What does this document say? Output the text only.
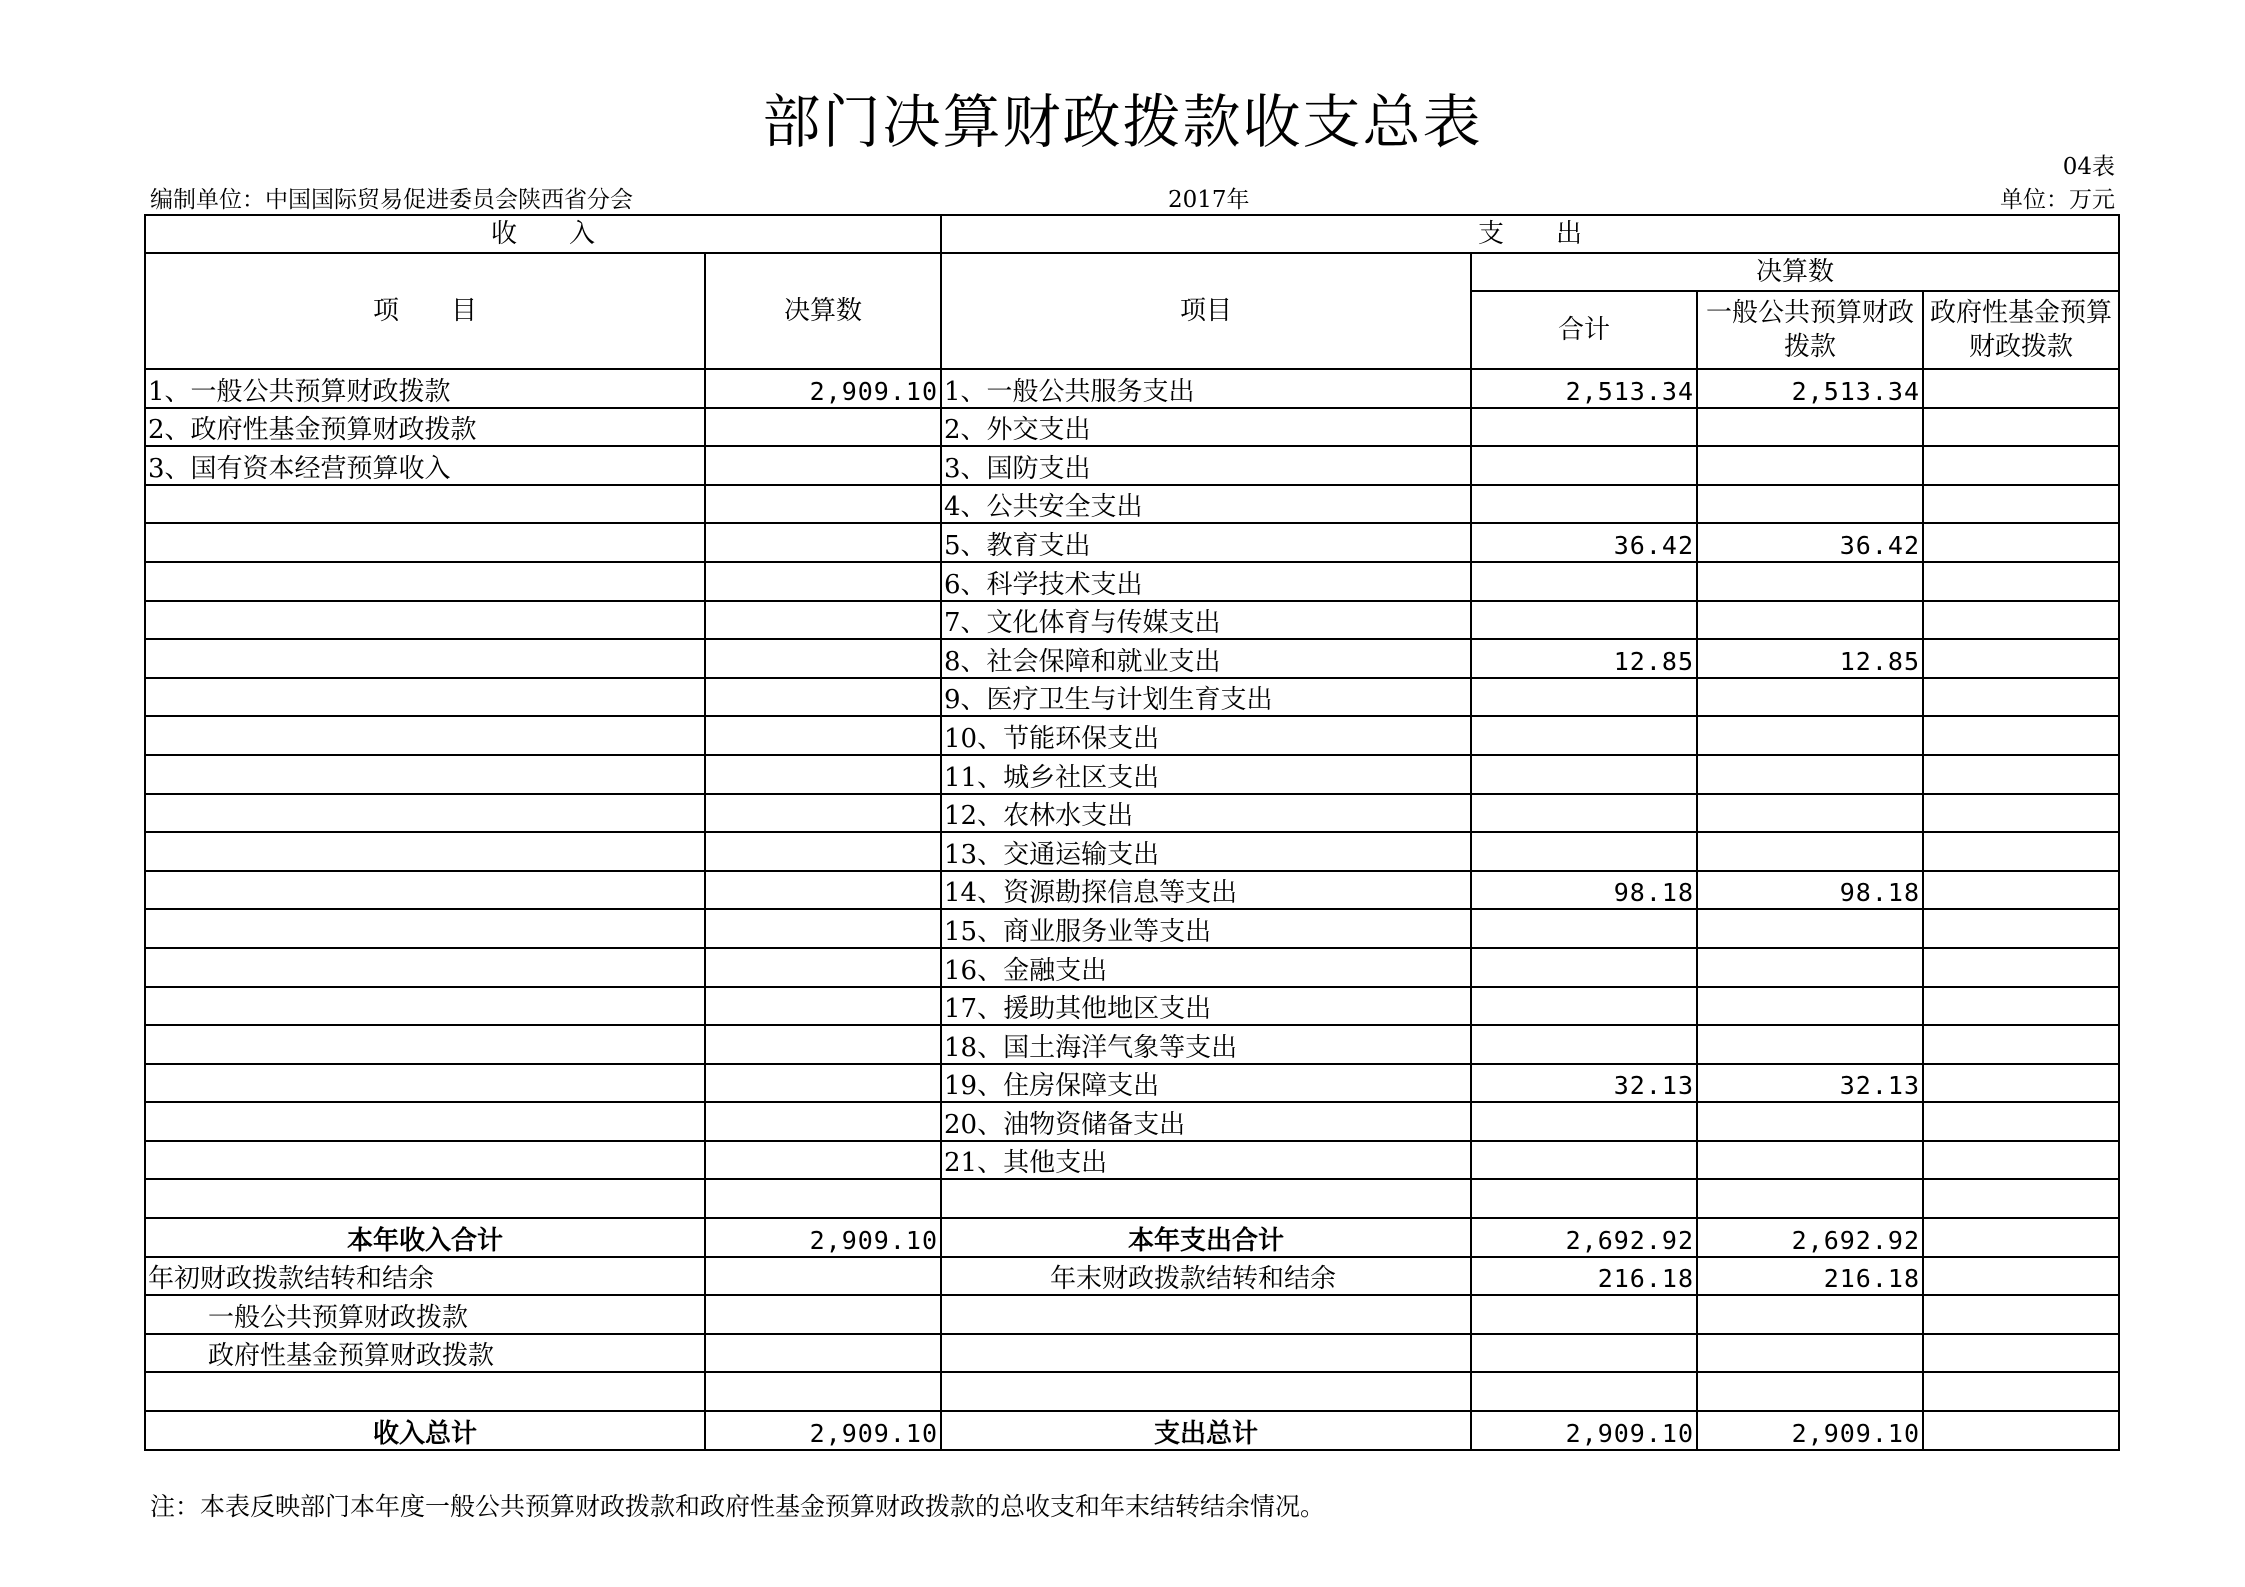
部门决算财政拨款收支总表
04表
编制单位：中国国际贸易促进委员会陕西省分会	2017年	单位：万元
收　　入		支　　出			
项　　目	决算数	项目	决算数		
			合计	一般公共预算财政拨款	政府性基金预算财政拨款
1、一般公共预算财政拨款	2,909.10	1、一般公共服务支出	2,513.34	2,513.34	
2、政府性基金预算财政拨款		2、外交支出			
3、国有资本经营预算收入		3、国防支出			
		4、公共安全支出			
		5、教育支出	36.42	36.42	
		6、科学技术支出			
		7、文化体育与传媒支出			
		8、社会保障和就业支出	12.85	12.85	
		9、医疗卫生与计划生育支出			
		10、节能环保支出			
		11、城乡社区支出			
		12、农林水支出			
		13、交通运输支出			
		14、资源勘探信息等支出	98.18	98.18	
		15、商业服务业等支出			
		16、金融支出			
		17、援助其他地区支出			
		18、国土海洋气象等支出			
		19、住房保障支出	32.13	32.13	
		20、油物资储备支出			
		21、其他支出			

本年收入合计	2,909.10	本年支出合计	2,692.92	2,692.92	
年初财政拨款结转和结余		年末财政拨款结转和结余	216.18	216.18	
一般公共预算财政拨款					
政府性基金预算财政拨款					

收入总计	2,909.10	支出总计	2,909.10	2,909.10	
注：本表反映部门本年度一般公共预算财政拨款和政府性基金预算财政拨款的总收支和年末结转结余情况。
